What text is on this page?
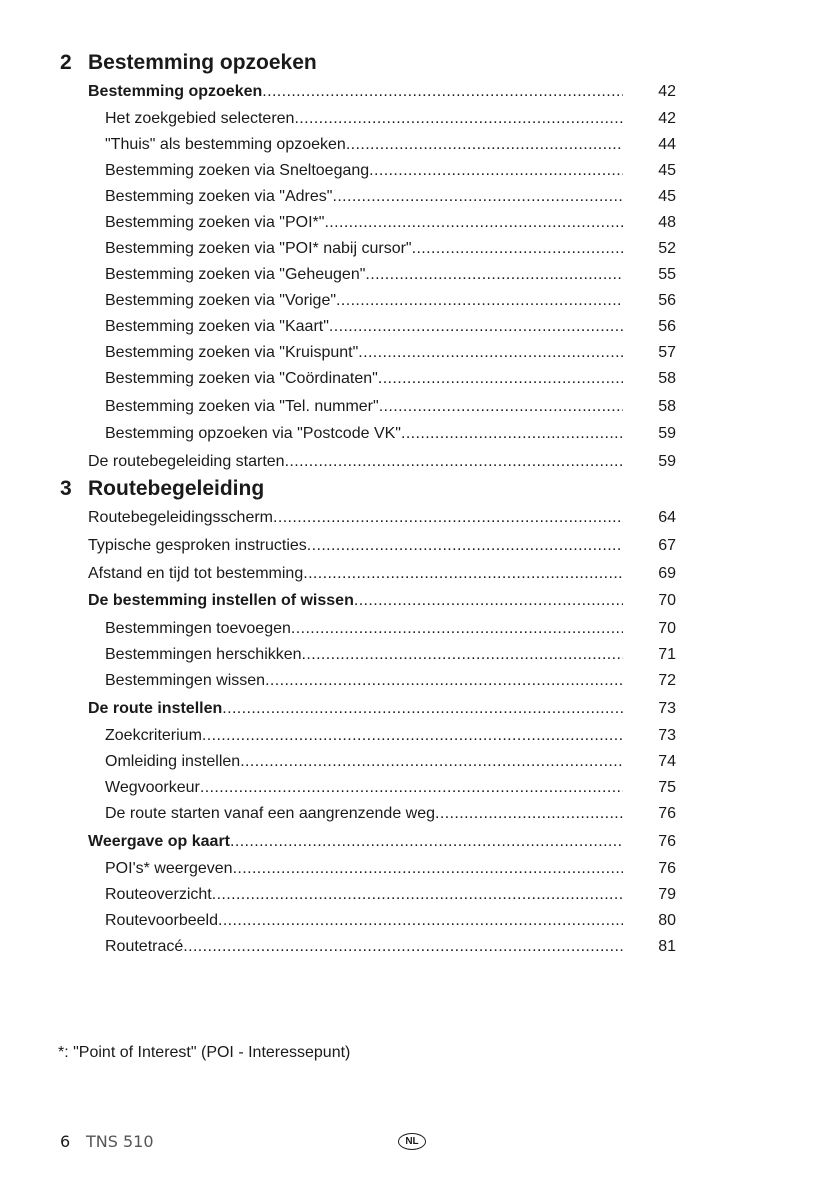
2 Bestemming opzoeken
Bestemming opzoeken .....	42
Het zoekgebied selecteren .....	42
"Thuis" als bestemming opzoeken .....	44
Bestemming zoeken via Sneltoegang .....	45
Bestemming zoeken via "Adres" .....	45
Bestemming zoeken via "POI*" .....	48
Bestemming zoeken via "POI* nabij cursor" .....	52
Bestemming zoeken via "Geheugen" .....	55
Bestemming zoeken via "Vorige" .....	56
Bestemming zoeken via "Kaart" .....	56
Bestemming zoeken via "Kruispunt" .....	57
Bestemming zoeken via "Coördinaten" .....	58
Bestemming zoeken via "Tel. nummer" .....	58
Bestemming opzoeken via "Postcode VK" .....	59
De routebegeleiding starten .....	59
3 Routebegeleiding
Routebegeleidingsscherm .....	64
Typische gesproken instructies .....	67
Afstand en tijd tot bestemming .....	69
De bestemming instellen of wissen .....	70
Bestemmingen toevoegen .....	70
Bestemmingen herschikken .....	71
Bestemmingen wissen .....	72
De route instellen .....	73
Zoekcriterium .....	73
Omleiding instellen .....	74
Wegvoorkeur .....	75
De route starten vanaf een aangrenzende weg .....	76
Weergave op kaart .....	76
POI's* weergeven .....	76
Routeoverzicht .....	79
Routevoorbeeld .....	80
Routetracé .....	81
*: "Point of Interest" (POI - Interessepunt)
6 TNS 510	NL
